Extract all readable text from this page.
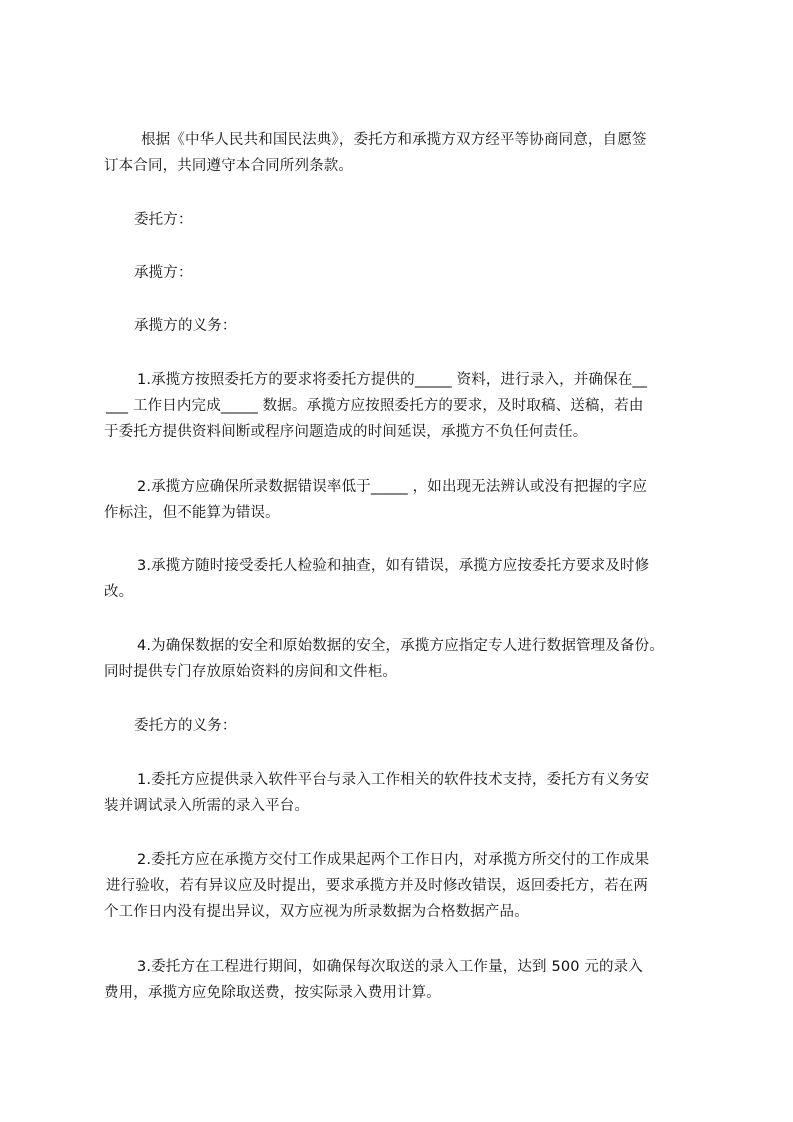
根据《中华人民共和国民法典》，委托方和承揽方双方经平等协商同意，自愿签
订本合同，共同遵守本合同所列条款。

委托方：

承揽方：

承揽方的义务：

1.承揽方按照委托方的要求将委托方提供的_____ 资料，进行录入，并确保在__
___ 工作日内完成_____ 数据。承揽方应按照委托方的要求，及时取稿、送稿，若由
于委托方提供资料间断或程序问题造成的时间延误，承揽方不负任何责任。

2.承揽方应确保所录数据错误率低于_____ ，如出现无法辨认或没有把握的字应
作标注，但不能算为错误。

3.承揽方随时接受委托人检验和抽查，如有错误，承揽方应按委托方要求及时修
改。

4.为确保数据的安全和原始数据的安全，承揽方应指定专人进行数据管理及备份。
同时提供专门存放原始资料的房间和文件柜。

委托方的义务：

1.委托方应提供录入软件平台与录入工作相关的软件技术支持，委托方有义务安
装并调试录入所需的录入平台。

2.委托方应在承揽方交付工作成果起两个工作日内，对承揽方所交付的工作成果
进行验收，若有异议应及时提出，要求承揽方并及时修改错误，返回委托方，若在两
个工作日内没有提出异议，双方应视为所录数据为合格数据产品。

3.委托方在工程进行期间，如确保每次取送的录入工作量，达到 500 元的录入
费用，承揽方应免除取送费，按实际录入费用计算。
